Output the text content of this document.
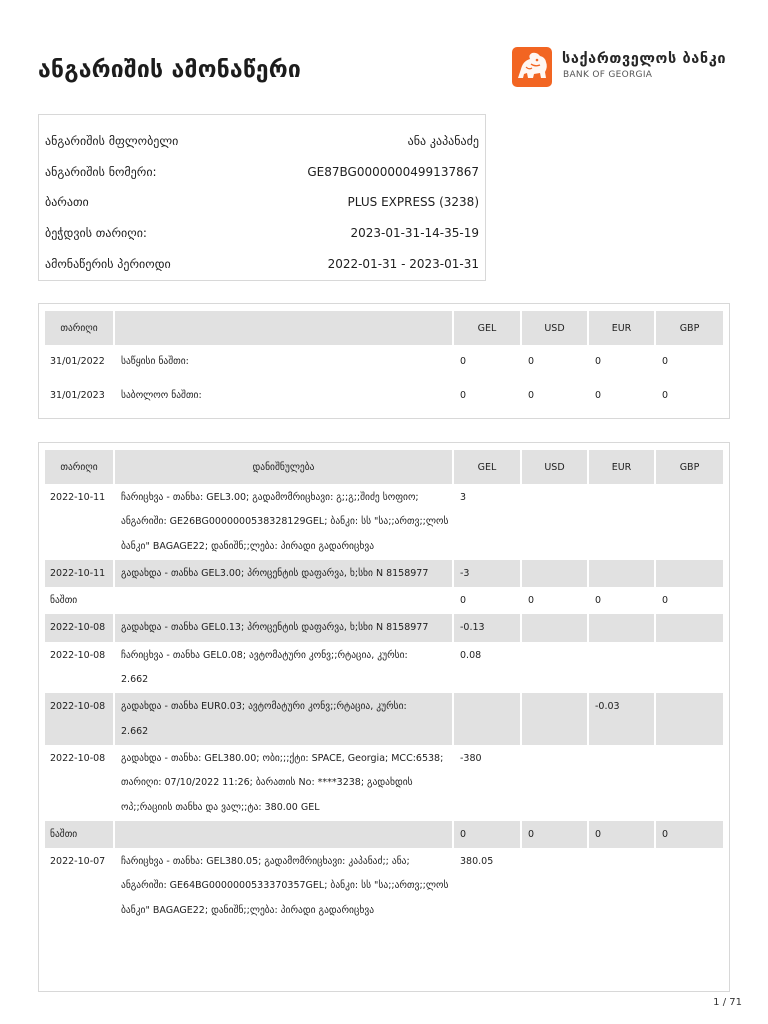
ანგარიშის ამონაწერი	საქართველოს ბანკი
BANK OF GEORGIA
ანგარიშის მფლობელი	ანა კაპანაძე
ანგარიშის ნომერი:	GE87BG0000000499137867
ბარათი	PLUS EXPRESS (3238)
ბეჭდვის თარიღი:	2023-01-31-14-35-19
ამონაწერის პერიოდი	2022-01-31 - 2023-01-31
თარიღი		GEL	USD	EUR	GBP
31/01/2022	საწყისი ნაშთი:	0	0	0	0
31/01/2023	საბოლოო ნაშთი:	0	0	0	0
თარიღი	დანიშნულება	GEL	USD	EUR	GBP

2022-10-11	ჩარიცხვა - თანხა: GEL3.00; გადამომრიცხავი: გ;;გ;;შიძე სოფიო;
ანგარიში: GE26BG0000000538328129GEL; ბანკი: სს "სა;;ართვ;;ლოს
ბანკი" BAGAGE22; დანიშნ;;ლება: პირადი გადარიცხვა	3			

2022-10-11	გადახდა - თანხა GEL3.00; პროცენტის დაფარვა, ხ;სხი N 8158977	-3			

ნაშთი		0	0	0	0

2022-10-08	გადახდა - თანხა GEL0.13; პროცენტის დაფარვა, ხ;სხი N 8158977	-0.13			

2022-10-08	ჩარიცხვა - თანხა GEL0.08; ავტომატური კონვ;;რტაცია, კურსი:
2.662	0.08			

2022-10-08	გადახდა - თანხა EUR0.03; ავტომატური კონვ;;რტაცია, კურსი:
2.662			-0.03	

2022-10-08	გადახდა - თანხა: GEL380.00; ობი;;;ქტი: SPACE, Georgia; MCC:6538;
თარიღი: 07/10/2022 11:26; ბარათის No: ****3238; გადახდის
ოპ;;რაციის თანხა და ვალ;;ტა: 380.00 GEL	-380			

ნაშთი		0	0	0	0

2022-10-07	ჩარიცხვა - თანხა: GEL380.05; გადამომრიცხავი: კაპანაძ;; ანა;
ანგარიში: GE64BG0000000533370357GEL; ბანკი: სს "სა;;ართვ;;ლოს
ბანკი" BAGAGE22; დანიშნ;;ლება: პირადი გადარიცხვა	380.05			

1 / 71
